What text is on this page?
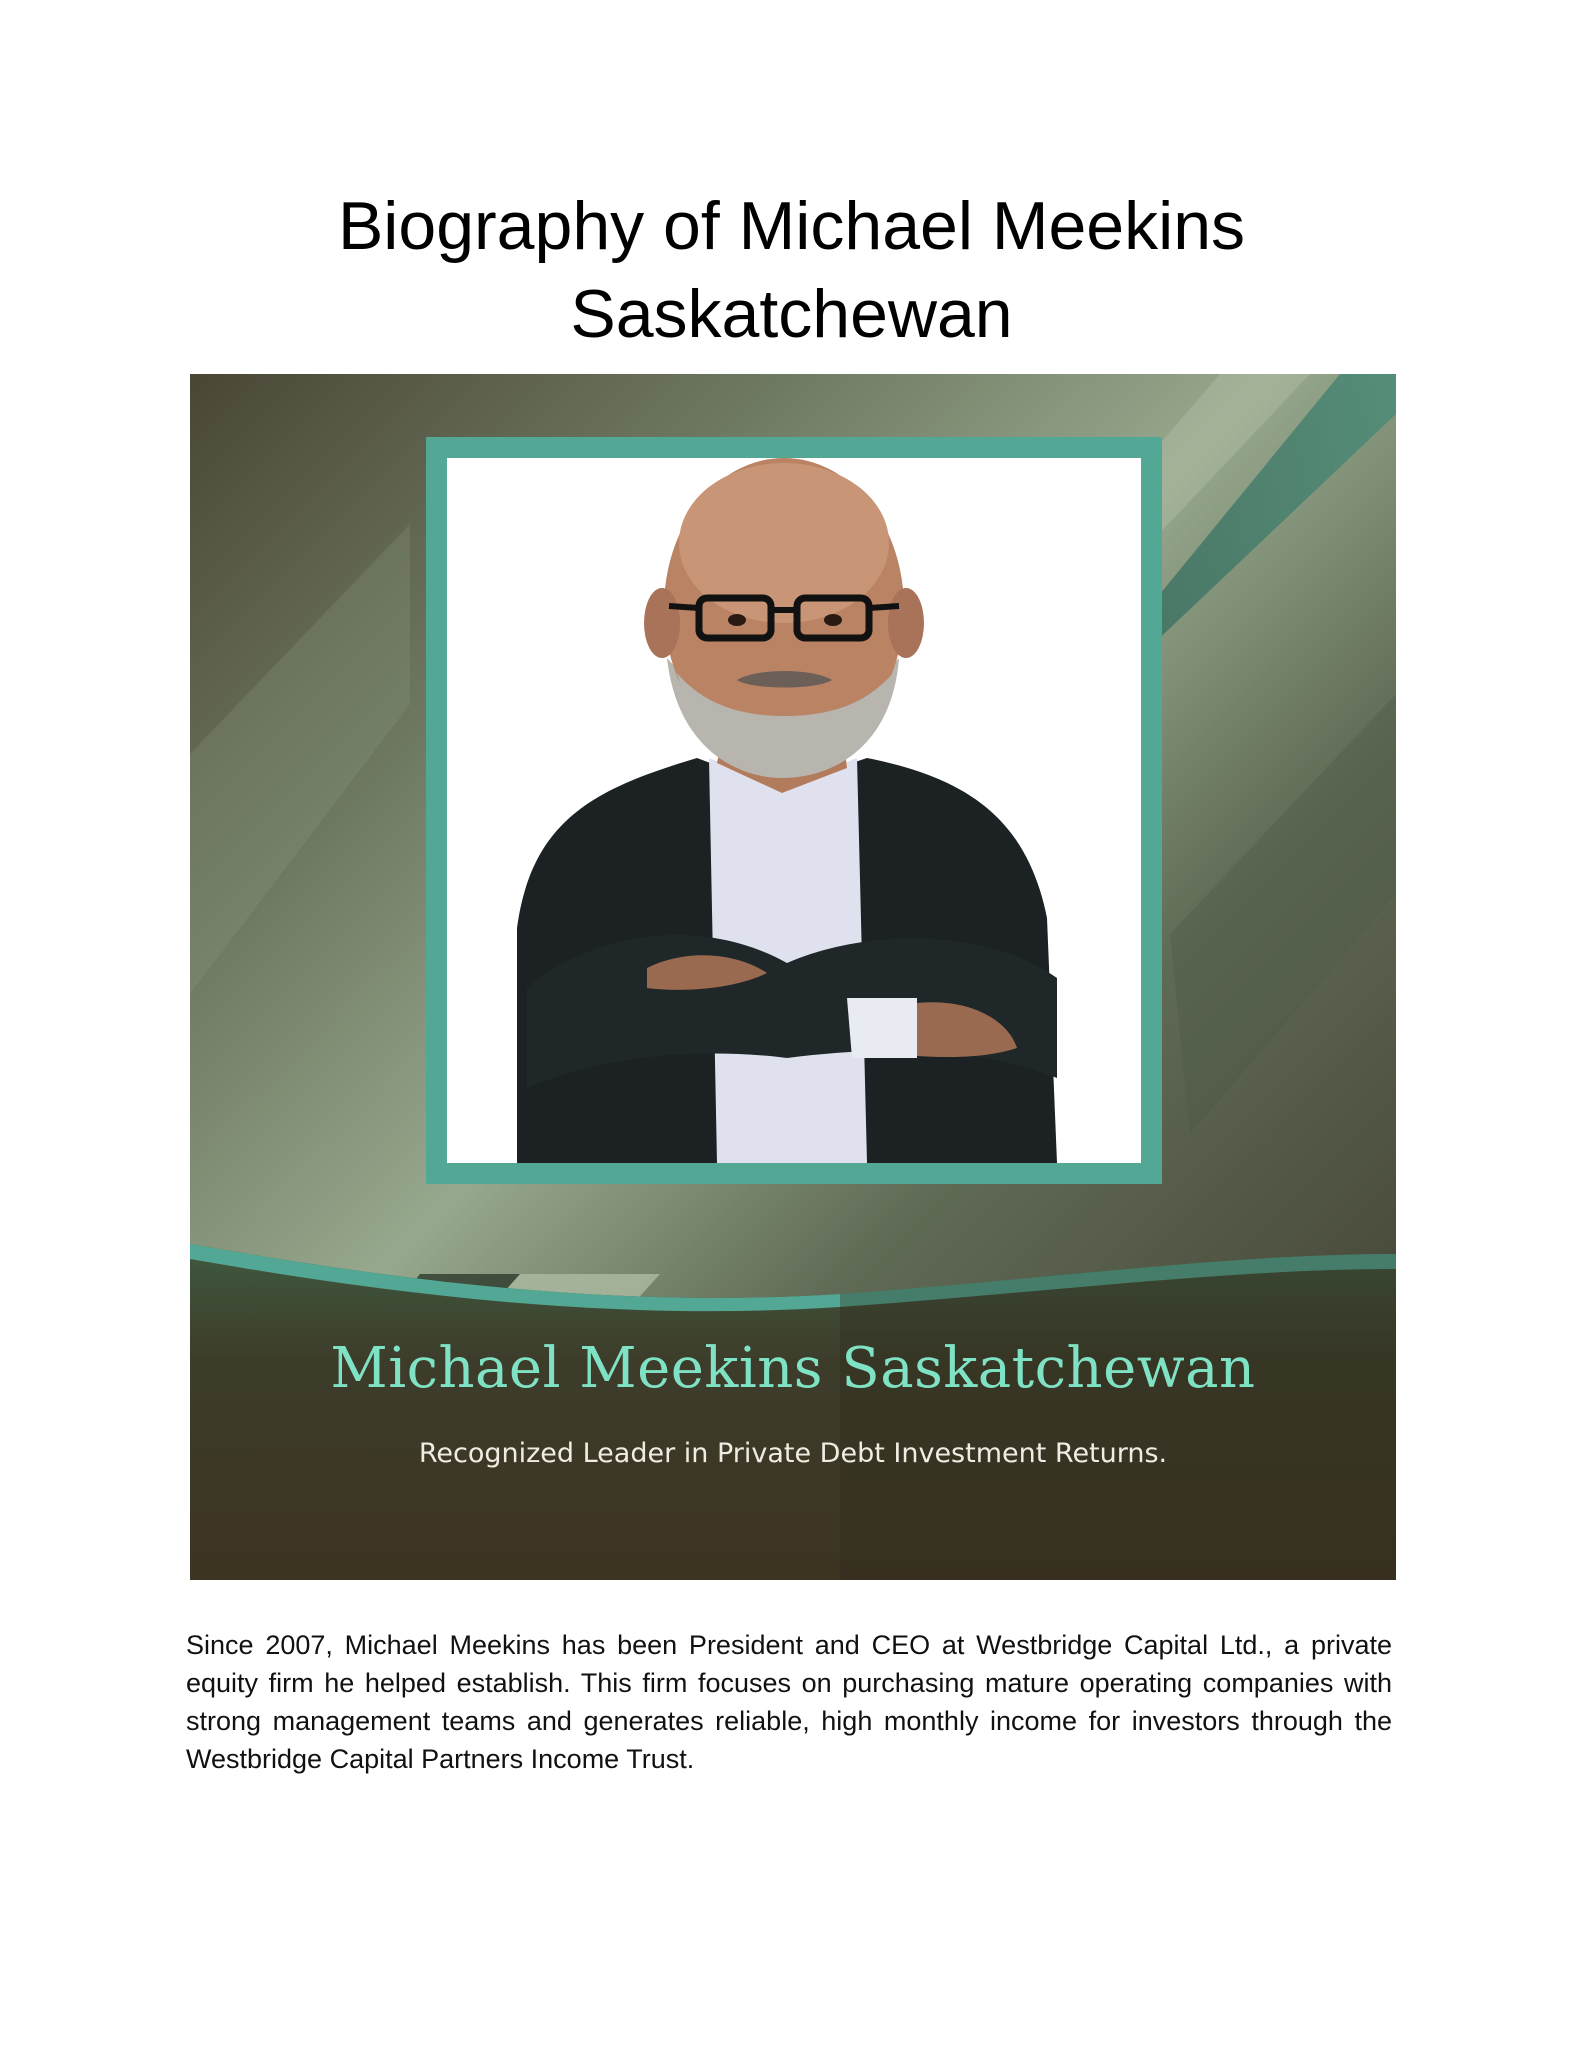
Biography of Michael Meekins
Saskatchewan
Michael Meekins Saskatchewan
Recognized Leader in Private Debt Investment Returns.

Since 2007, Michael Meekins has been President and CEO at Westbridge Capital Ltd., a private equity firm he helped establish. This firm focuses on purchasing mature operating companies with strong management teams and generates reliable, high monthly income for investors through the Westbridge Capital Partners Income Trust.
